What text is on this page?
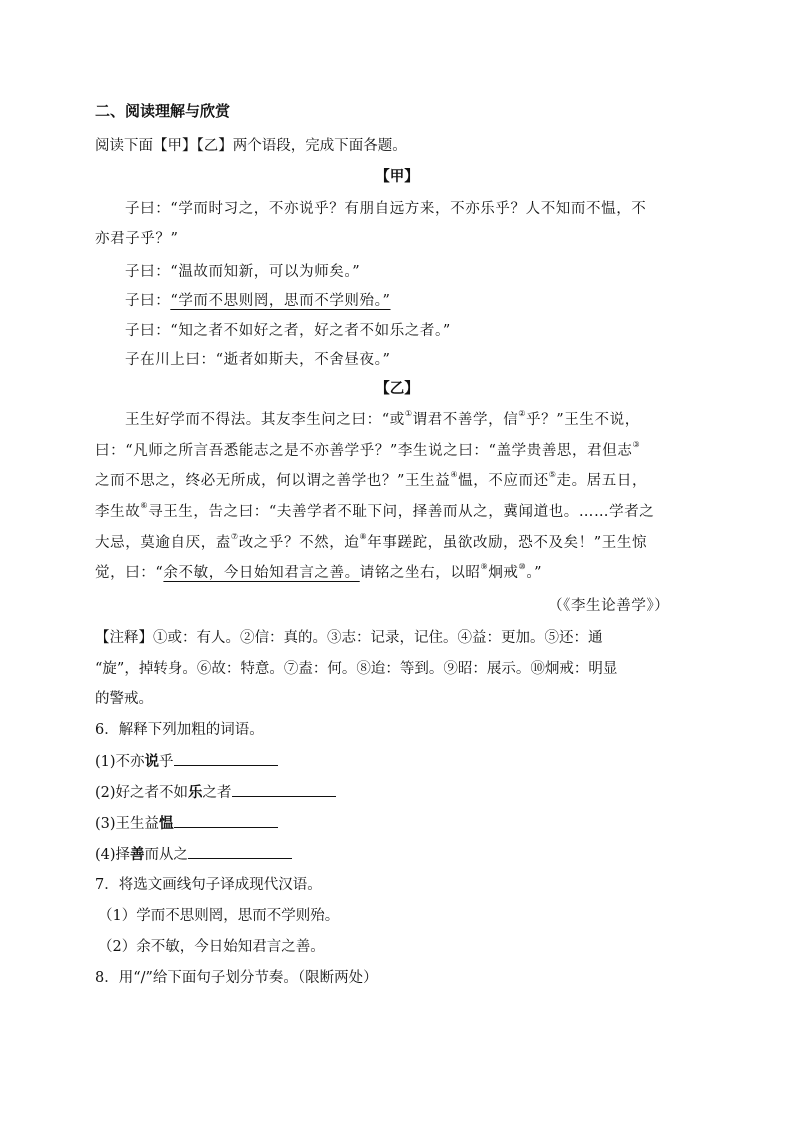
二、阅读理解与欣赏
阅读下面【甲】【乙】两个语段，完成下面各题。
【甲】
子曰：“学而时习之，不亦说乎？有朋自远方来，不亦乐乎？人不知而不愠，不
亦君子乎？”
子曰：“温故而知新，可以为师矣。”
子曰：“学而不思则罔，思而不学则殆。”
子曰：“知之者不如好之者，好之者不如乐之者。”
子在川上曰：“逝者如斯夫，不舍昼夜。”
【乙】
王生好学而不得法。其友李生问之曰：“或①谓君不善学，信②乎？”王生不说，
曰：“凡师之所言吾悉能志之是不亦善学乎？”李生说之曰：“盖学贵善思，君但志③
之而不思之，终必无所成，何以谓之善学也？”王生益④愠，不应而还⑤走。居五日，
李生故⑥寻王生，告之曰：“夫善学者不耻下问，择善而从之，冀闻道也。……学者之
大忌，莫逾自厌，盍⑦改之乎？不然，迨⑧年事蹉跎，虽欲改励，恐不及矣！”王生惊
觉，曰：“余不敏，今日始知君言之善。请铭之坐右，以昭⑨炯戒⑩。”
（《李生论善学》）
【注释】①或：有人。②信：真的。③志：记录，记住。④益：更加。⑤还：通
“旋”，掉转身。⑥故：特意。⑦盍：何。⑧迨：等到。⑨昭：展示。⑩炯戒：明显
的警戒。
6．解释下列加粗的词语。
(1)不亦说乎
(2)好之者不如乐之者
(3)王生益愠
(4)择善而从之
7．将选文画线句子译成现代汉语。
（1）学而不思则罔，思而不学则殆。
（2）余不敏，今日始知君言之善。
8．用“/”给下面句子划分节奏。（限断两处）
